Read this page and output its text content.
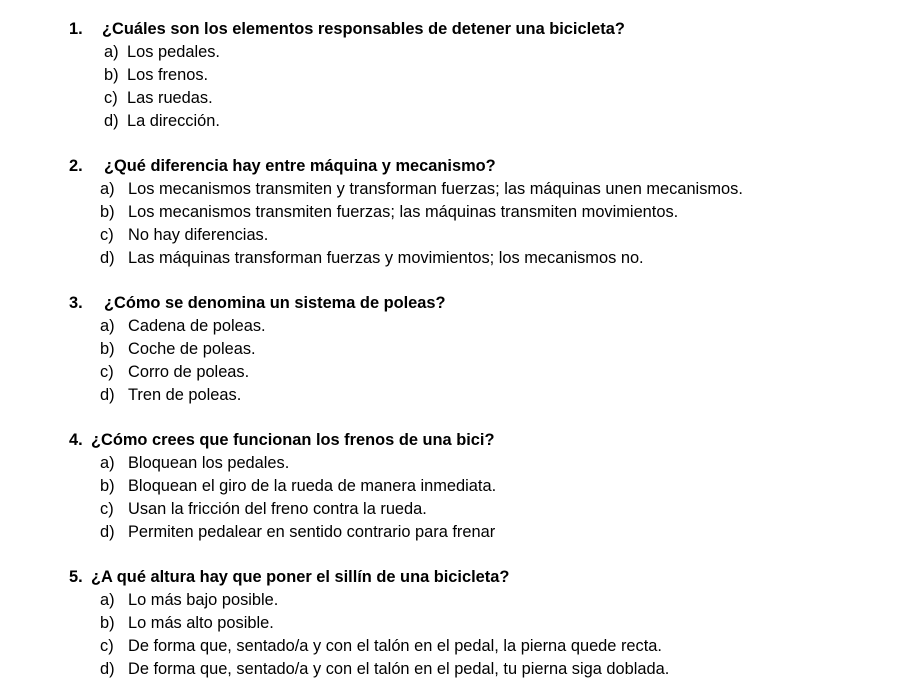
1. ¿Cuáles son los elementos responsables de detener una bicicleta?
a) Los pedales.
b) Los frenos.
c) Las ruedas.
d) La dirección.
2. ¿Qué diferencia hay entre máquina y mecanismo?
a) Los mecanismos transmiten y transforman fuerzas; las máquinas unen mecanismos.
b) Los mecanismos transmiten fuerzas; las máquinas transmiten movimientos.
c) No hay diferencias.
d) Las máquinas transforman fuerzas y movimientos; los mecanismos no.
3. ¿Cómo se denomina un sistema de poleas?
a) Cadena de poleas.
b) Coche de poleas.
c) Corro de poleas.
d) Tren de poleas.
4. ¿Cómo crees que funcionan los frenos de una bici?
a) Bloquean los pedales.
b) Bloquean el giro de la rueda de manera inmediata.
c) Usan la fricción del freno contra la rueda.
d) Permiten pedalear en sentido contrario para frenar
5. ¿A qué altura hay que poner el sillín de una bicicleta?
a) Lo más bajo posible.
b) Lo más alto posible.
c) De forma que, sentado/a y con el talón en el pedal, la pierna quede recta.
d) De forma que, sentado/a y con el talón en el pedal, tu pierna siga doblada.
